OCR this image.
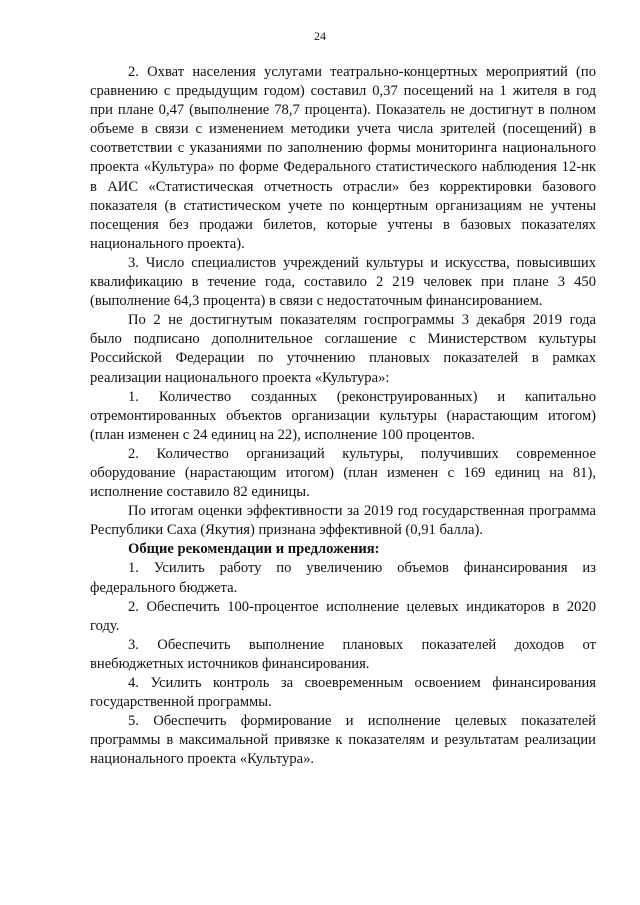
24

2. Охват населения услугами театрально-концертных мероприятий (по сравнению с предыдущим годом) составил 0,37 посещений на 1 жителя в год при плане 0,47 (выполнение 78,7 процента). Показатель не достигнут в полном объеме в связи с изменением методики учета числа зрителей (посещений) в соответствии с указаниями по заполнению формы мониторинга национального проекта «Культура» по форме Федерального статистического наблюдения 12-нк в АИС «Статистическая отчетность отрасли» без корректировки базового показателя (в статистическом учете по концертным организациям не учтены посещения без продажи билетов, которые учтены в базовых показателях национального проекта).

3. Число специалистов учреждений культуры и искусства, повысивших квалификацию в течение года, составило 2 219 человек при плане 3 450 (выполнение 64,3 процента) в связи с недостаточным финансированием.

По 2 не достигнутым показателям госпрограммы 3 декабря 2019 года было подписано дополнительное соглашение с Министерством культуры Российской Федерации по уточнению плановых показателей в рамках реализации национального проекта «Культура»:

1. Количество созданных (реконструированных) и капитально отремонтированных объектов организации культуры (нарастающим итогом) (план изменен с 24 единиц на 22), исполнение 100 процентов.

2. Количество организаций культуры, получивших современное оборудование (нарастающим итогом) (план изменен с 169 единиц на 81), исполнение составило 82 единицы.

По итогам оценки эффективности за 2019 год государственная программа Республики Саха (Якутия) признана эффективной (0,91 балла).

Общие рекомендации и предложения:

1. Усилить работу по увеличению объемов финансирования из федерального бюджета.

2. Обеспечить 100-процентое исполнение целевых индикаторов в 2020 году.

3. Обеспечить выполнение плановых показателей доходов от внебюджетных источников финансирования.

4. Усилить контроль за своевременным освоением финансирования государственной программы.

5. Обеспечить формирование и исполнение целевых показателей программы в максимальной привязке к показателям и результатам реализации национального проекта «Культура».
